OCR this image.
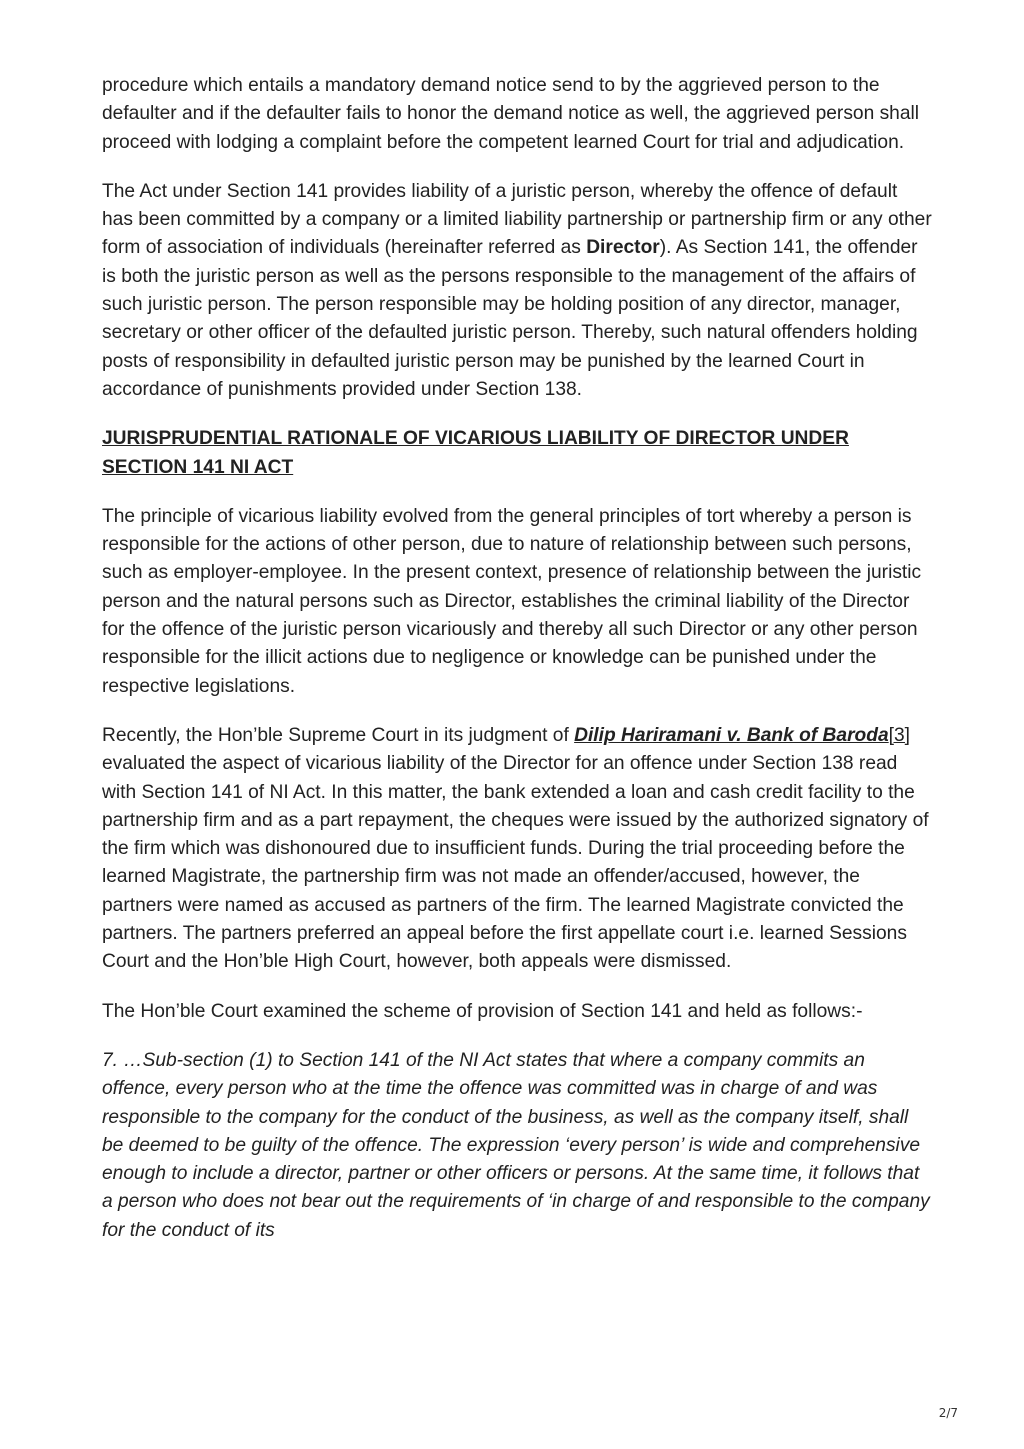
procedure which entails a mandatory demand notice send to by the aggrieved person to the defaulter and if the defaulter fails to honor the demand notice as well, the aggrieved person shall proceed with lodging a complaint before the competent learned Court for trial and adjudication.

The Act under Section 141 provides liability of a juristic person, whereby the offence of default has been committed by a company or a limited liability partnership or partnership firm or any other form of association of individuals (hereinafter referred as Director). As Section 141, the offender is both the juristic person as well as the persons responsible to the management of the affairs of such juristic person. The person responsible may be holding position of any director, manager, secretary or other officer of the defaulted juristic person. Thereby, such natural offenders holding posts of responsibility in defaulted juristic person may be punished by the learned Court in accordance of punishments provided under Section 138.

JURISPRUDENTIAL RATIONALE OF VICARIOUS LIABILITY OF DIRECTOR UNDER SECTION 141 NI ACT

The principle of vicarious liability evolved from the general principles of tort whereby a person is responsible for the actions of other person, due to nature of relationship between such persons, such as employer-employee. In the present context, presence of relationship between the juristic person and the natural persons such as Director, establishes the criminal liability of the Director for the offence of the juristic person vicariously and thereby all such Director or any other person responsible for the illicit actions due to negligence or knowledge can be punished under the respective legislations.

Recently, the Hon’ble Supreme Court in its judgment of Dilip Hariramani v. Bank of Baroda[3] evaluated the aspect of vicarious liability of the Director for an offence under Section 138 read with Section 141 of NI Act. In this matter, the bank extended a loan and cash credit facility to the partnership firm and as a part repayment, the cheques were issued by the authorized signatory of the firm which was dishonoured due to insufficient funds. During the trial proceeding before the learned Magistrate, the partnership firm was not made an offender/accused, however, the partners were named as accused as partners of the firm. The learned Magistrate convicted the partners. The partners preferred an appeal before the first appellate court i.e. learned Sessions Court and the Hon’ble High Court, however, both appeals were dismissed.

The Hon’ble Court examined the scheme of provision of Section 141 and held as follows:-

7. …Sub-section (1) to Section 141 of the NI Act states that where a company commits an offence, every person who at the time the offence was committed was in charge of and was responsible to the company for the conduct of the business, as well as the company itself, shall be deemed to be guilty of the offence. The expression ‘every person’ is wide and comprehensive enough to include a director, partner or other officers or persons. At the same time, it follows that a person who does not bear out the requirements of ‘in charge of and responsible to the company for the conduct of its

2/7
